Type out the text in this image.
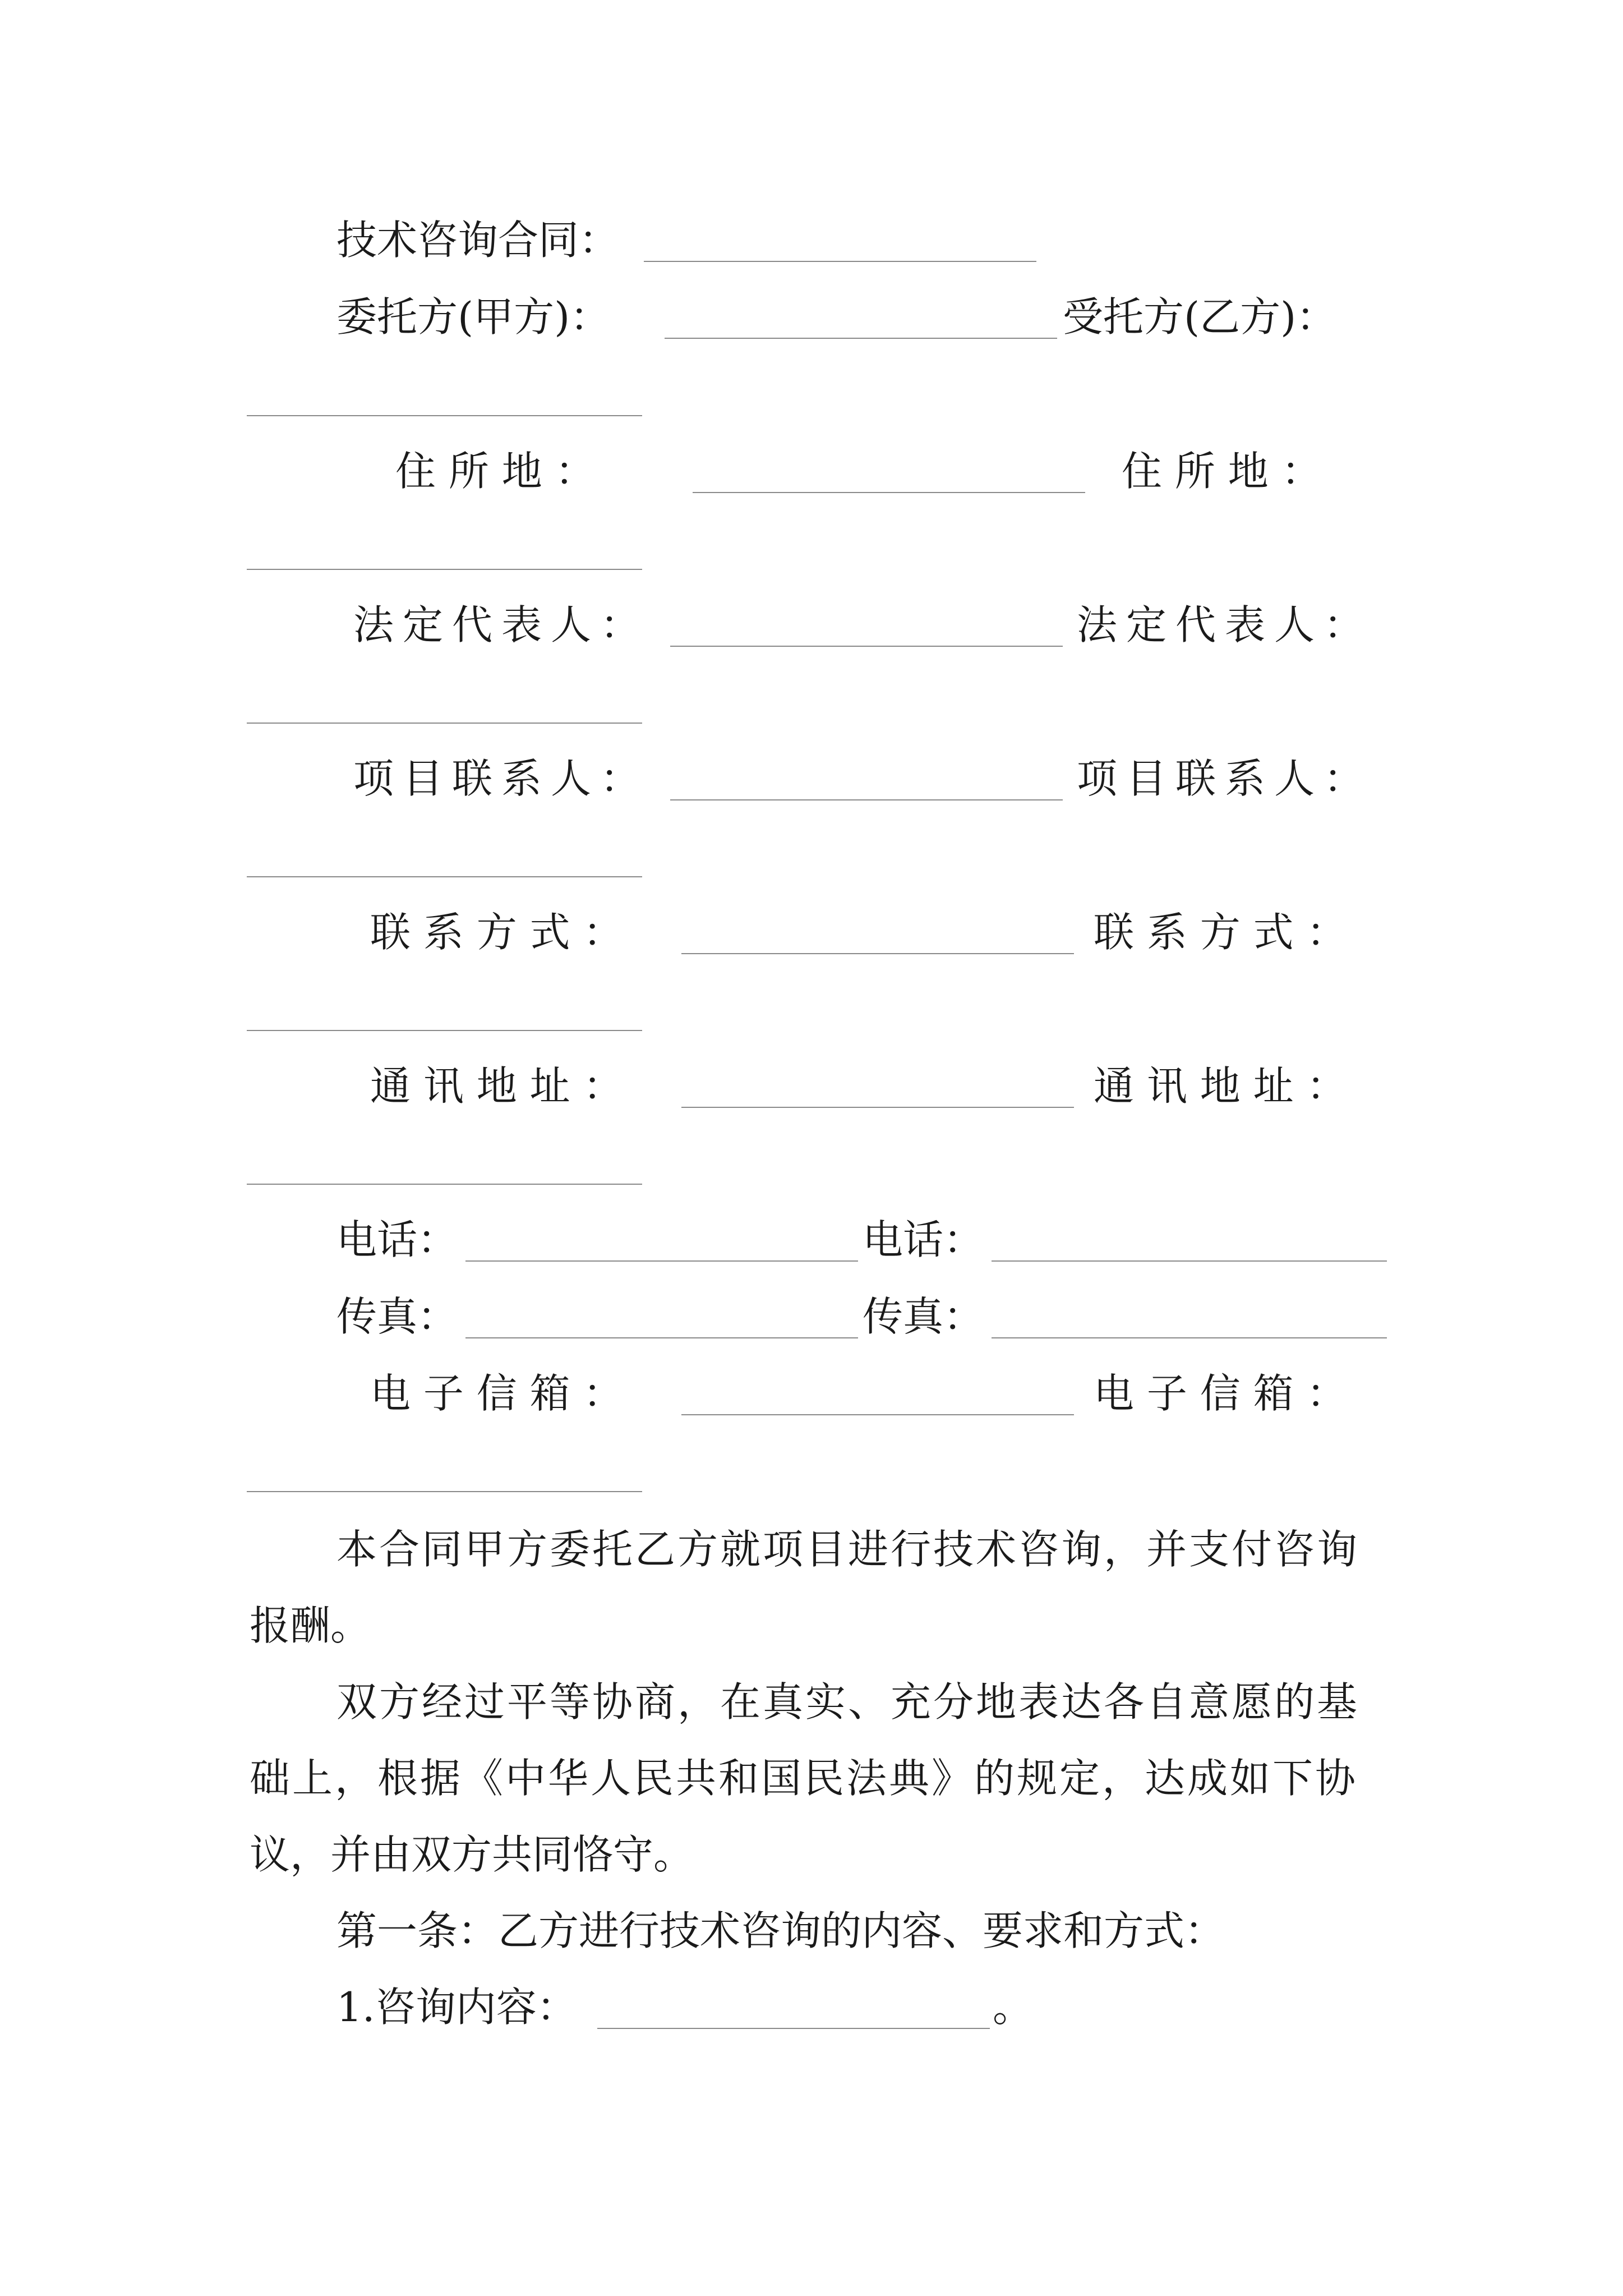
技术咨询合同：
委托方(甲方)：	受托方(乙方)：
住 所 地 ：	住 所 地 ：
法定代表人：	法定代表人：
项目联系人：	项目联系人：
联 系 方 式 ：	联 系 方 式 ：
通 讯 地 址 ：	通 讯 地 址 ：
电话：	电话：
传真：	传真：
电 子 信 箱 ：	电 子 信 箱 ：
本合同甲方委托乙方就项目进行技术咨询，并支付咨询
报酬。
双方经过平等协商，在真实、充分地表达各自意愿的基
础上，根据《中华人民共和国民法典》的规定，达成如下协
议，并由双方共同恪守。
第一条：乙方进行技术咨询的内容、要求和方式：
1.咨询内容：	。
